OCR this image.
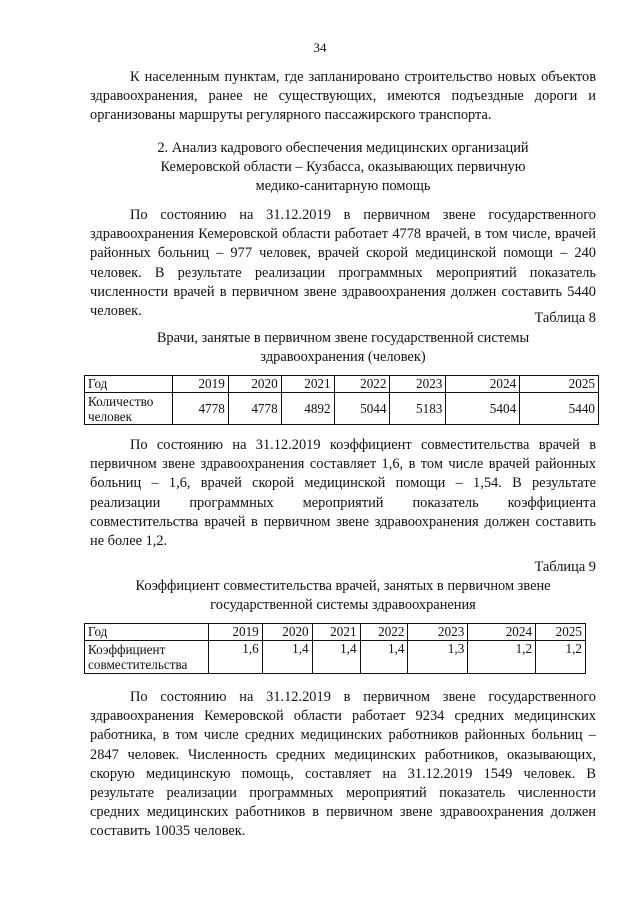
34

К населенным пунктам, где запланировано строительство новых объектов здравоохранения, ранее не существующих, имеются подъездные дороги и организованы маршруты регулярного пассажирского транспорта.

2. Анализ кадрового обеспечения медицинских организаций
Кемеровской области – Кузбасса, оказывающих первичную
медико-санитарную помощь

По состоянию на 31.12.2019 в первичном звене государственного здравоохранения Кемеровской области работает 4778 врачей, в том числе, врачей районных больниц – 977 человек, врачей скорой медицинской помощи – 240 человек. В результате реализации программных мероприятий показатель численности врачей в первичном звене здравоохранения должен составить 5440 человек.	Таблица 8
Врачи, занятые в первичном звене государственной системы
здравоохранения (человек)
Год	2019	2020	2021	2022	2023	2024	2025

Количество
человек	4778	4778	4892	5044	5183	5404	5440

По состоянию на 31.12.2019 коэффициент совместительства врачей в первичном звене здравоохранения составляет 1,6, в том числе врачей районных больниц – 1,6, врачей скорой медицинской помощи – 1,54. В результате реализации программных мероприятий показатель коэффициента совместительства врачей в первичном звене здравоохранения должен составить не более 1,2.

Таблица 9
Коэффициент совместительства врачей, занятых в первичном звене
государственной системы здравоохранения
Год	2019	2020	2021	2022	2023	2024	2025

Коэффициент
совместительства	1,6	1,4	1,4	1,4	1,3	1,2	1,2

По состоянию на 31.12.2019 в первичном звене государственного здравоохранения Кемеровской области работает 9234 средних медицинских работника, в том числе средних медицинских работников районных больниц – 2847 человек. Численность средних медицинских работников, оказывающих, скорую медицинскую помощь, составляет на 31.12.2019 1549 человек. В результате реализации программных мероприятий показатель численности средних медицинских работников в первичном звене здравоохранения должен составить 10035 человек.
